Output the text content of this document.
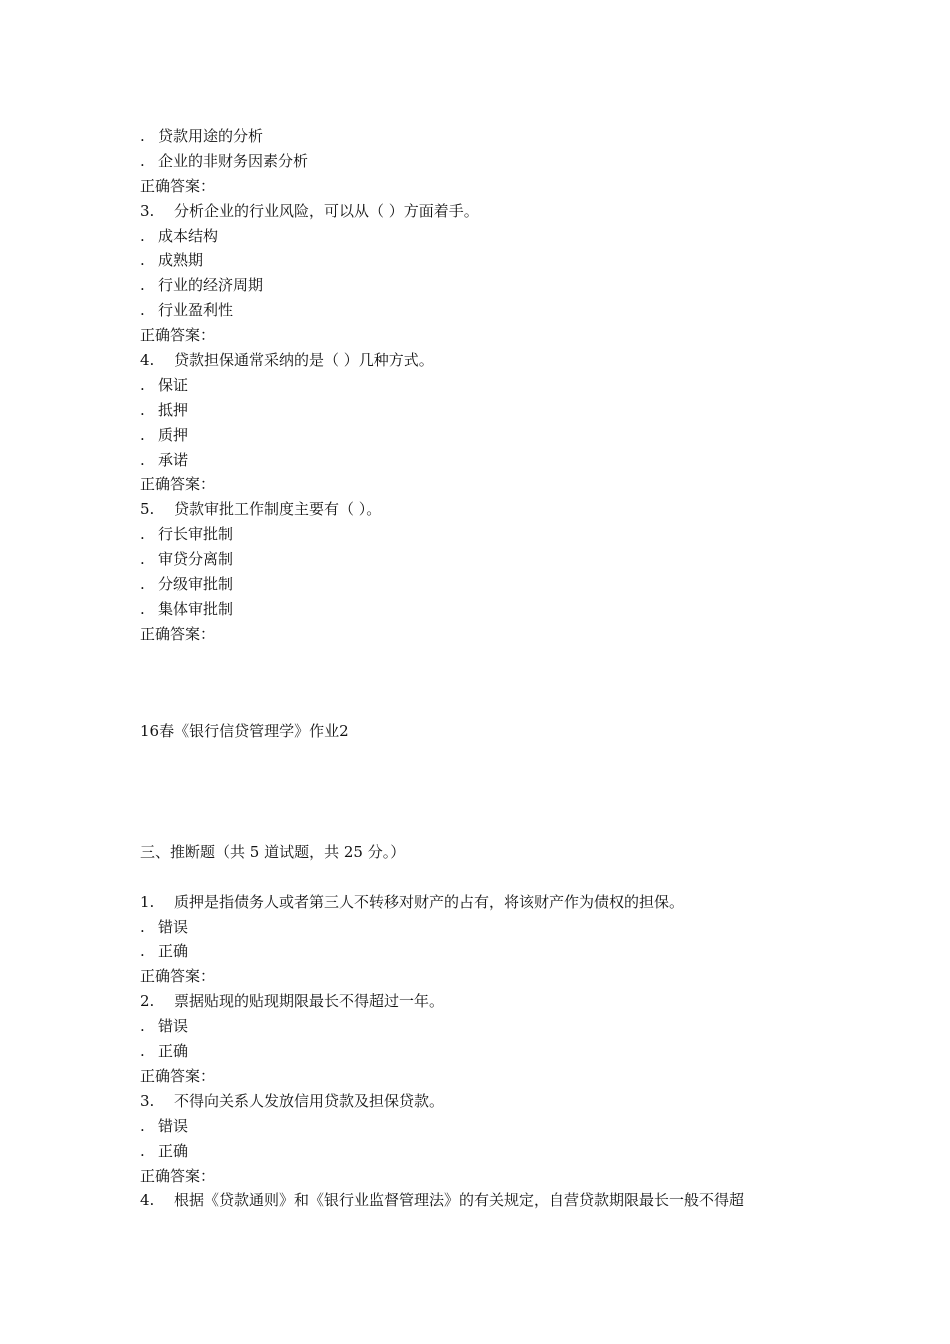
. 贷款用途的分析
. 企业的非财务因素分析
正确答案：
3. 分析企业的行业风险，可以从（ ）方面着手。
. 成本结构
. 成熟期
. 行业的经济周期
. 行业盈利性
正确答案：
4. 贷款担保通常采纳的是（ ）几种方式。
. 保证
. 抵押
. 质押
. 承诺
正确答案：
5. 贷款审批工作制度主要有（ ）。
. 行长审批制
. 审贷分离制
. 分级审批制
. 集体审批制
正确答案：
16春《银行信贷管理学》作业2
三、推断题（共 5 道试题，共 25 分。）
1. 质押是指债务人或者第三人不转移对财产的占有，将该财产作为债权的担保。
. 错误
. 正确
正确答案：
2. 票据贴现的贴现期限最长不得超过一年。
. 错误
. 正确
正确答案：
3. 不得向关系人发放信用贷款及担保贷款。
. 错误
. 正确
正确答案：
4. 根据《贷款通则》和《银行业监督管理法》的有关规定，自营贷款期限最长一般不得超
